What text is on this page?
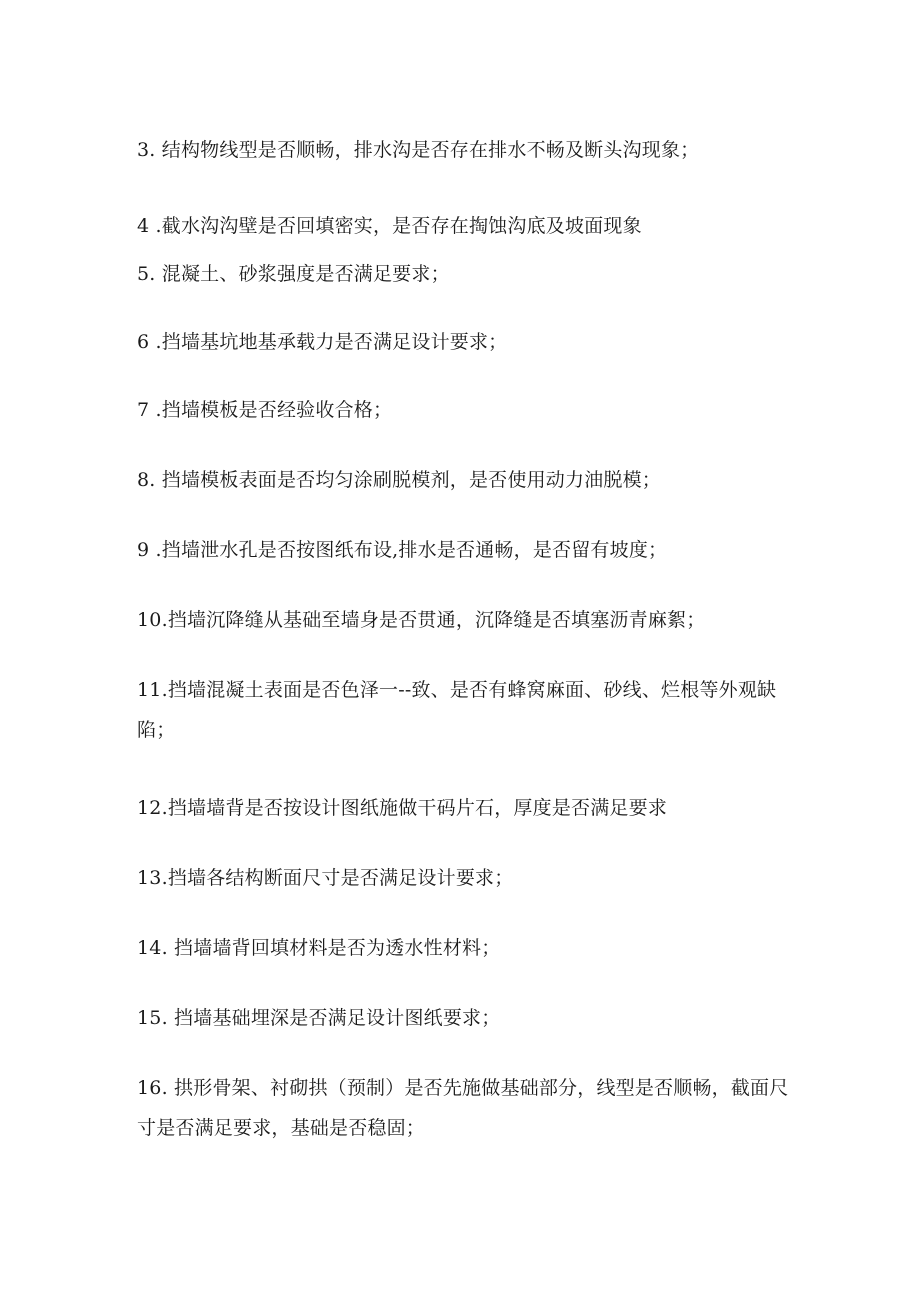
3. 结构物线型是否顺畅，排水沟是否存在排水不畅及断头沟现象；
4 .截水沟沟壁是否回填密实，是否存在掏蚀沟底及坡面现象
5. 混凝土、砂浆强度是否满足要求；
6 .挡墙基坑地基承载力是否满足设计要求；
7 .挡墙模板是否经验收合格；
8. 挡墙模板表面是否均匀涂刷脱模剂，是否使用动力油脱模；
9 .挡墙泄水孔是否按图纸布设,排水是否通畅，是否留有坡度；
10.挡墙沉降缝从基础至墙身是否贯通，沉降缝是否填塞沥青麻絮；
11.挡墙混凝土表面是否色泽一--致、是否有蜂窝麻面、砂线、烂根等外观缺陷；
12.挡墙墙背是否按设计图纸施做干码片石，厚度是否满足要求
13.挡墙各结构断面尺寸是否满足设计要求；
14. 挡墙墙背回填材料是否为透水性材料；
15. 挡墙基础埋深是否满足设计图纸要求；
16. 拱形骨架、衬砌拱（预制）是否先施做基础部分，线型是否顺畅，截面尺寸是否满足要求，基础是否稳固；
